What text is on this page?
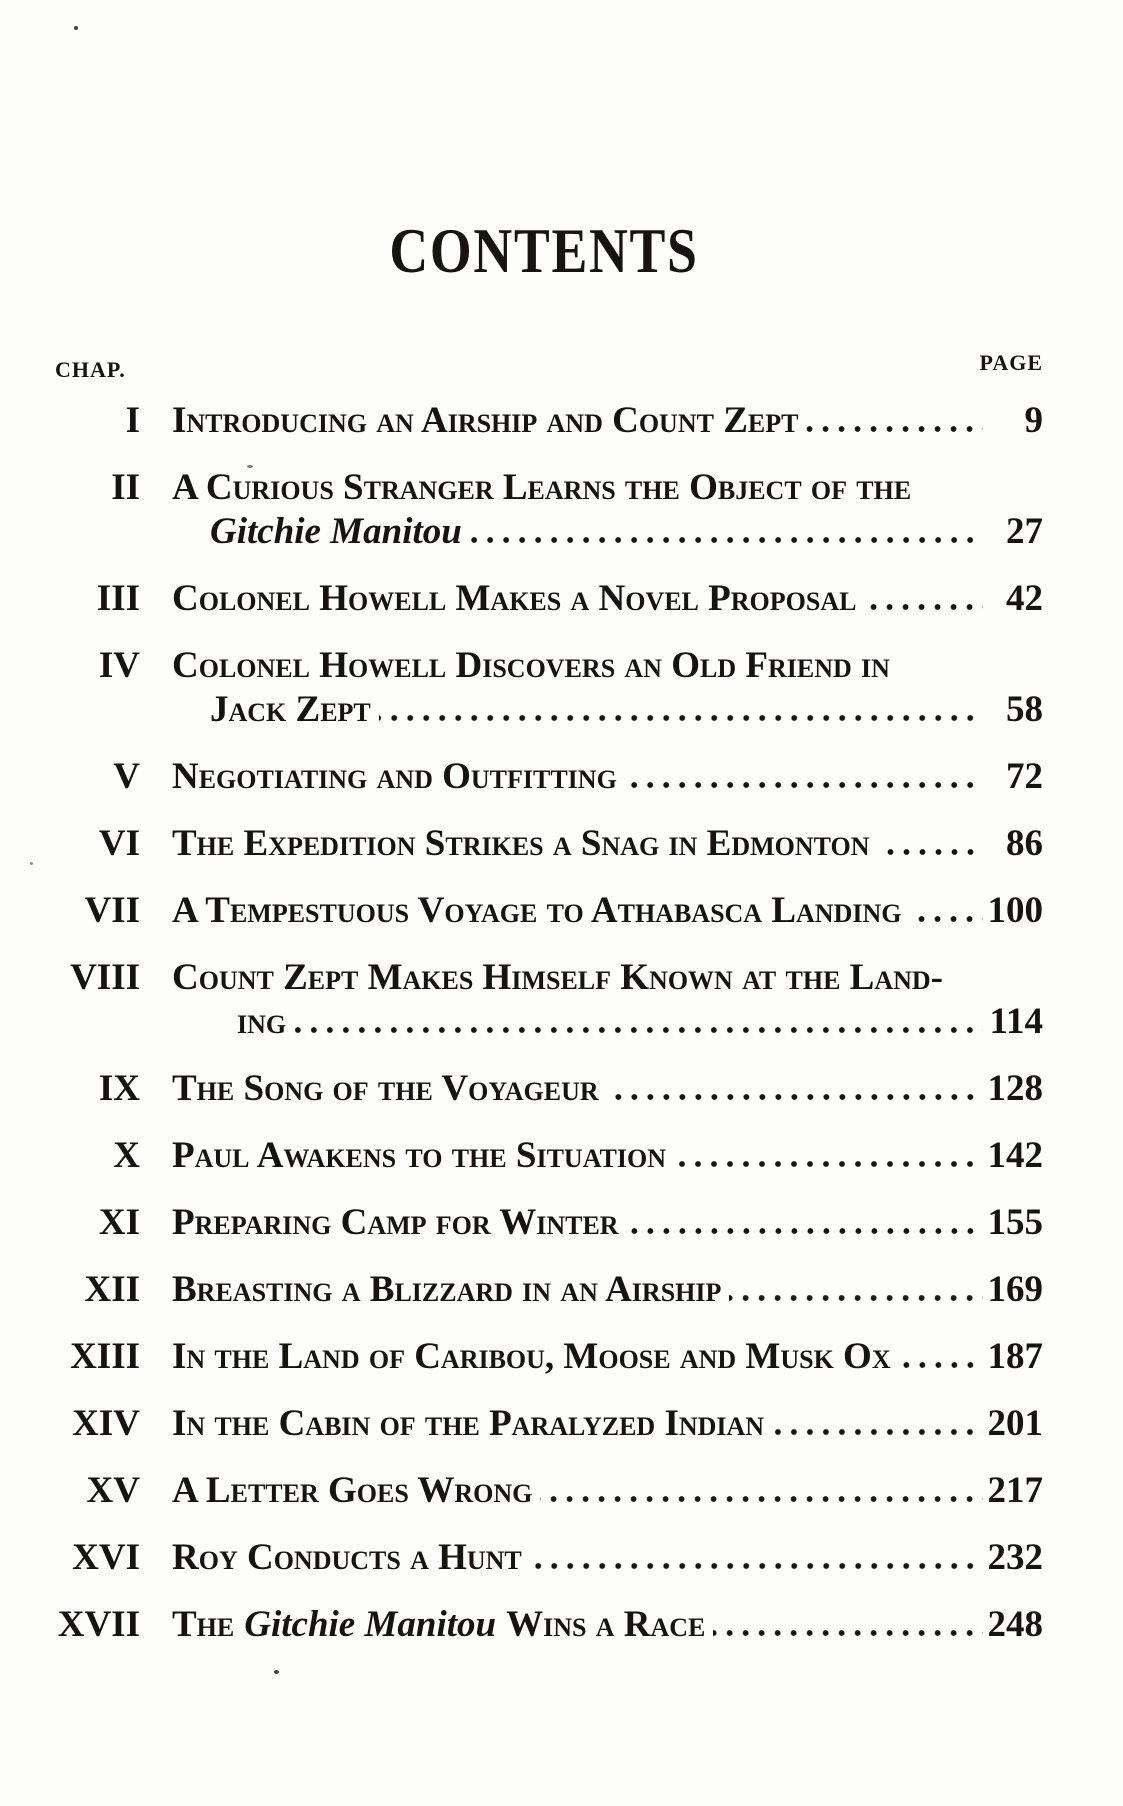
CONTENTS
CHAP.	PAGE
I Introducing an Airship and Count Zept	9
II A Curious Stranger Learns the Object of the
Gitchie Manitou	27
III Colonel Howell Makes a Novel Proposal	42
IV Colonel Howell Discovers an Old Friend in
Jack Zept	58
V Negotiating and Outfitting	72
VI The Expedition Strikes a Snag in Edmonton	86
VII A Tempestuous Voyage to Athabasca Landing 100
VIII Count Zept Makes Himself Known at the Land-
ing	114
IX The Song of the Voyageur	128
X Paul Awakens to the Situation	142
XI Preparing Camp for Winter	155
XII Breasting a Blizzard in an Airship	169
XIII In the Land of Caribou, Moose and Musk Ox	187
XIV In the Cabin of the Paralyzed Indian	201
XV A Letter Goes Wrong	217
XVI Roy Conducts a Hunt	232
XVII The Gitchie Manitou Wins a Race	248
